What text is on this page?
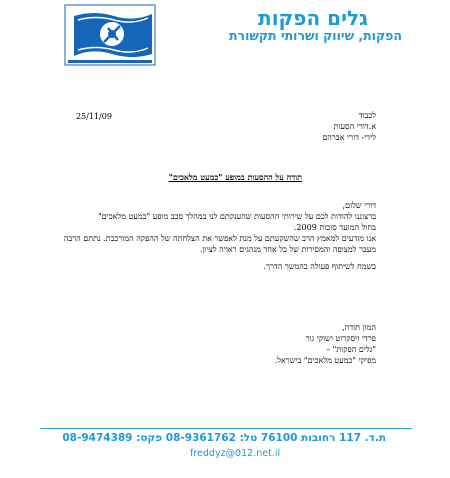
גלים הפקות
הפקות, שיווק ושרותי תקשורת
25/11/09	לכבוד
א.דורי הסעות
לידי- דורי אברהם
תודה על ההסעות במופע "כמעט מלאכים"
דורי שלום,
ברצוננו להודות לכם על שירותי ההסעות שהענקתם לנו במהלך סבב מופע "כמעט מלאכים"
בחול המועד סוכות 2009.
אנו מודעים למאמץ הרב שהשקעתם על מנת לאפשר את הצלחתה של ההפקה המורכבת. נתתם הרבה
מעבר למצופה והמסירות של כל אחד מנהגים ראויה לציון.
בשמח לשיתוף פעולה בהמשך הדרך.
המון תודה,
פרדי זיסקרוט ושוקי גור
"גלים הפקות" –
מפיקי "כמעט מלאכים" בישראל.
ת.ד. 117 רחובות 76100 טל: 08-9361762 פקס: 08-9474389
freddyz@012.net.il
